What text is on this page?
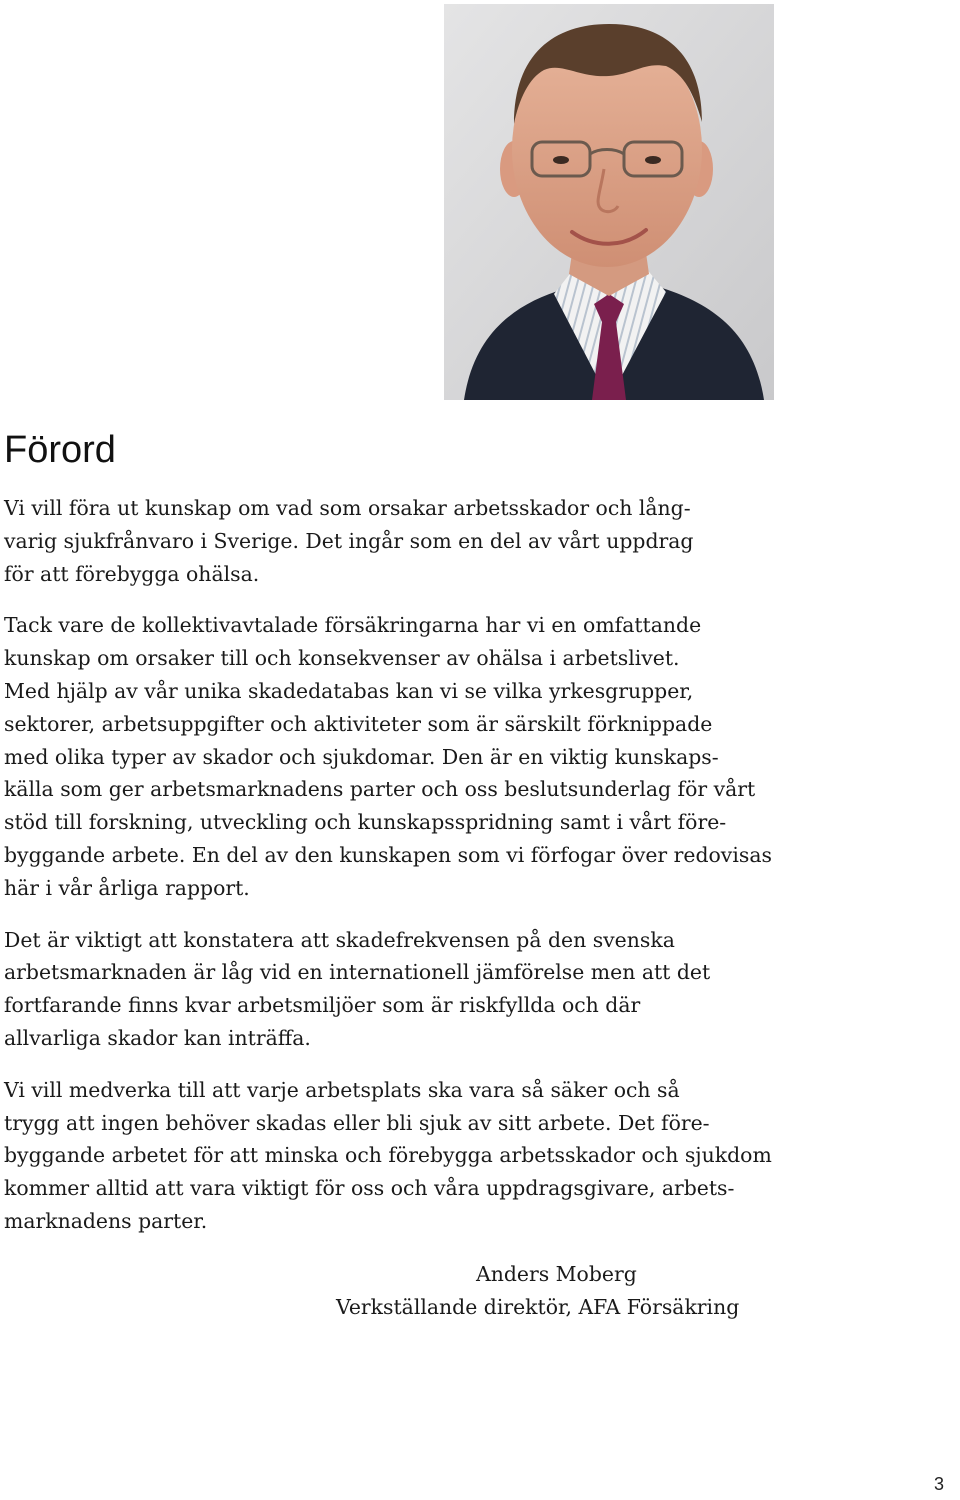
Förord

Vi vill föra ut kunskap om vad som orsakar arbetsskador och lång-
varig sjukfrånvaro i Sverige. Det ingår som en del av vårt uppdrag
för att förebygga ohälsa.

Tack vare de kollektivavtalade försäkringarna har vi en omfattande
kunskap om orsaker till och konsekvenser av ohälsa i arbetslivet.
Med hjälp av vår unika skadedatabas kan vi se vilka yrkesgrupper,
sektorer, arbetsuppgifter och aktiviteter som är särskilt förknippade
med olika typer av skador och sjukdomar. Den är en viktig kunskaps-
källa som ger arbetsmarknadens parter och oss beslutsunderlag för vårt
stöd till forskning, utveckling och kunskapsspridning samt i vårt före-
byggande arbete. En del av den kunskapen som vi förfogar över redovisas
här i vår årliga rapport.

Det är viktigt att konstatera att skadefrekvensen på den svenska
arbetsmarknaden är låg vid en internationell jämförelse men att det
fortfarande finns kvar arbetsmiljöer som är riskfyllda och där
allvarliga skador kan inträffa.

Vi vill medverka till att varje arbetsplats ska vara så säker och så
trygg att ingen behöver skadas eller bli sjuk av sitt arbete. Det före-
byggande arbetet för att minska och förebygga arbetsskador och sjukdom
kommer alltid att vara viktigt för oss och våra uppdragsgivare, arbets-
marknadens parter.

Anders Moberg
Verkställande direktör, AFA Försäkring
3
